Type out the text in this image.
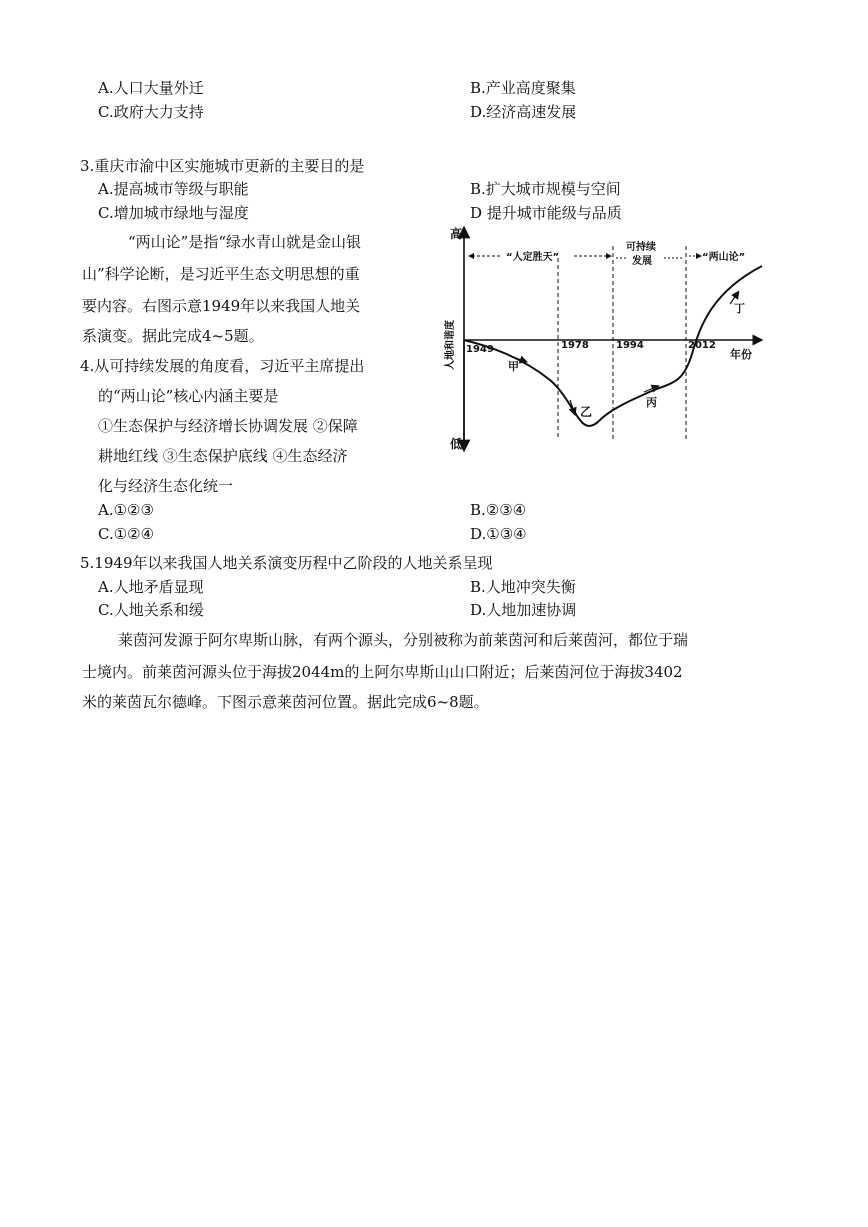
A.人口大量外迁	B.产业高度聚集
C.政府大力支持	D.经济高速发展
3.重庆市渝中区实施城市更新的主要目的是
A.提高城市等级与职能	B.扩大城市规模与空间
C.增加城市绿地与湿度	D 提升城市能级与品质
“两山论”是指“绿水青山就是金山银
山”科学论断，是习近平生态文明思想的重
要内容。右图示意1949年以来我国人地关
系演变。据此完成4~5题。
4.从可持续发展的角度看，习近平主席提出
的“两山论”核心内涵主要是
①生态保护与经济增长协调发展 ②保障
耕地红线 ③生态保护底线 ④生态经济
化与经济生态化统一
A.①②③	B.②③④
C.①②④	D.①③④
5.1949年以来我国人地关系演变历程中乙阶段的人地关系呈现
A.人地矛盾显现	B.人地冲突失衡
C.人地关系和缓	D.人地加速协调
莱茵河发源于阿尔卑斯山脉，有两个源头，分别被称为前莱茵河和后莱茵河，都位于瑞
士境内。前莱茵河源头位于海拔2044m的上阿尔卑斯山山口附近；后莱茵河位于海拔3402
米的莱茵瓦尔德峰。下图示意莱茵河位置。据此完成6~8题。
高
低
人地和谐度	年份
“人定胜天”
可持续
发展	“两山论”
1949	1978	1994	2012
甲
乙
丙
丁
